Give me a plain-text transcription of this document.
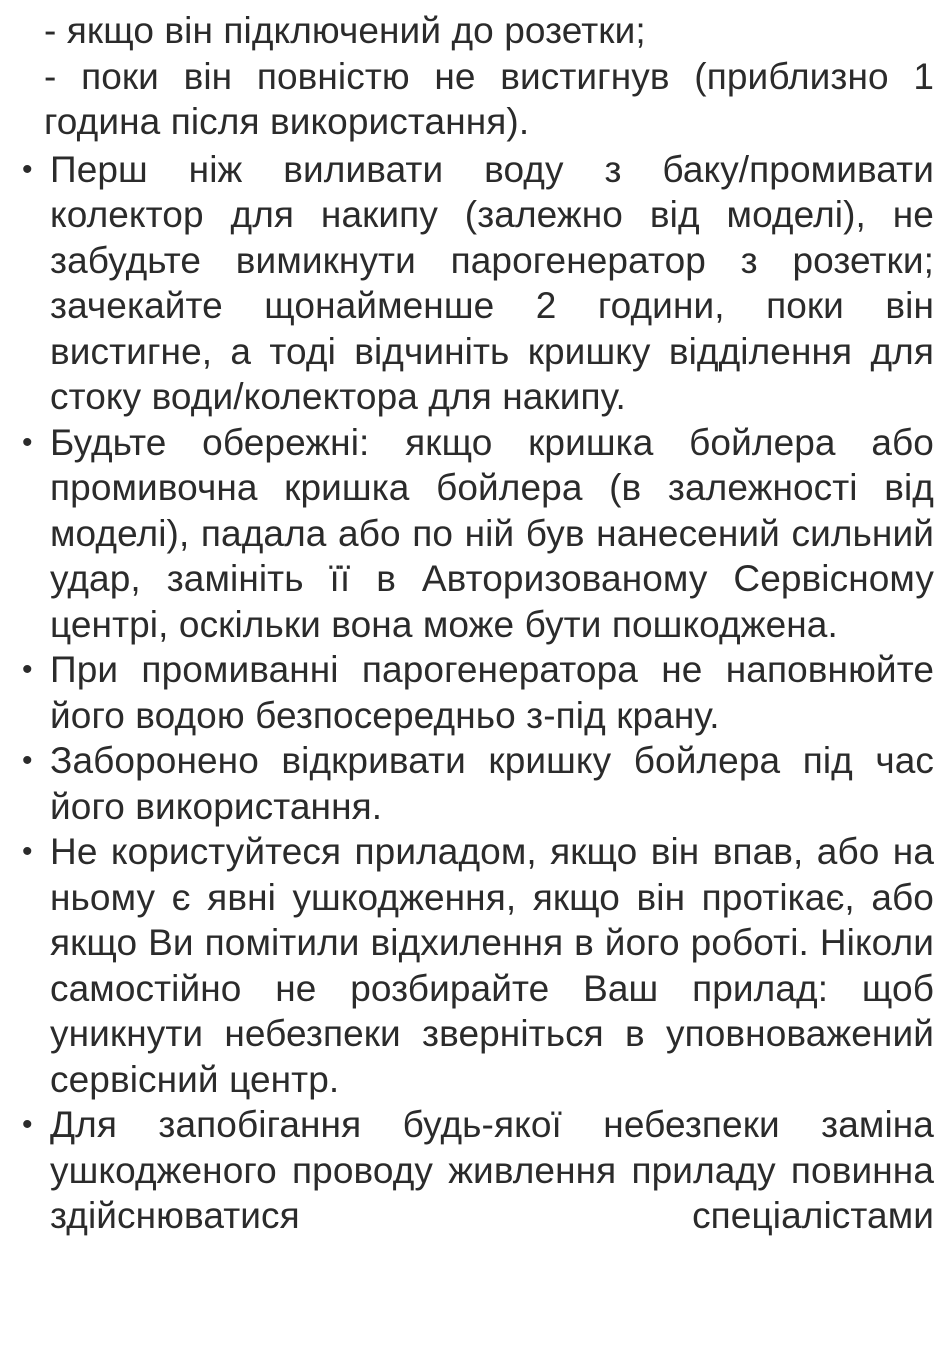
- якщо він підключений до розетки;
- поки він повністю не вистигнув (приблизно 1 година після використання).
• Перш ніж виливати воду з баку/промивати колектор для накипу (залежно від моделі), не забудьте вимикнути парогенератор з розетки; зачекайте щонайменше 2 години, поки він вистигне, а тоді відчиніть кришку відділення для стоку води/колектора для накипу.
• Будьте обережні: якщо кришка бойлера або промивочна кришка бойлера (в залежності від моделі), падала або по ній був нанесений сильний удар, замініть її в Авторизованому Сервісному центрі, оскільки вона може бути пошкоджена.
• При промиванні парогенератора не наповнюйте його водою безпосередньо з-під крану.
• Заборонено відкривати кришку бойлера під час його використання.
• Не користуйтеся приладом, якщо він впав, або на ньому є явні ушкодження, якщо він протікає, або якщо Ви помітили відхилення в його роботі. Ніколи самостійно не розбирайте Ваш прилад: щоб уникнути небезпеки зверніться в уповноважений сервісний центр.
• Для запобігання будь-якої небезпеки заміна ушкодженого проводу живлення приладу повинна здійснюватися спеціалістами
